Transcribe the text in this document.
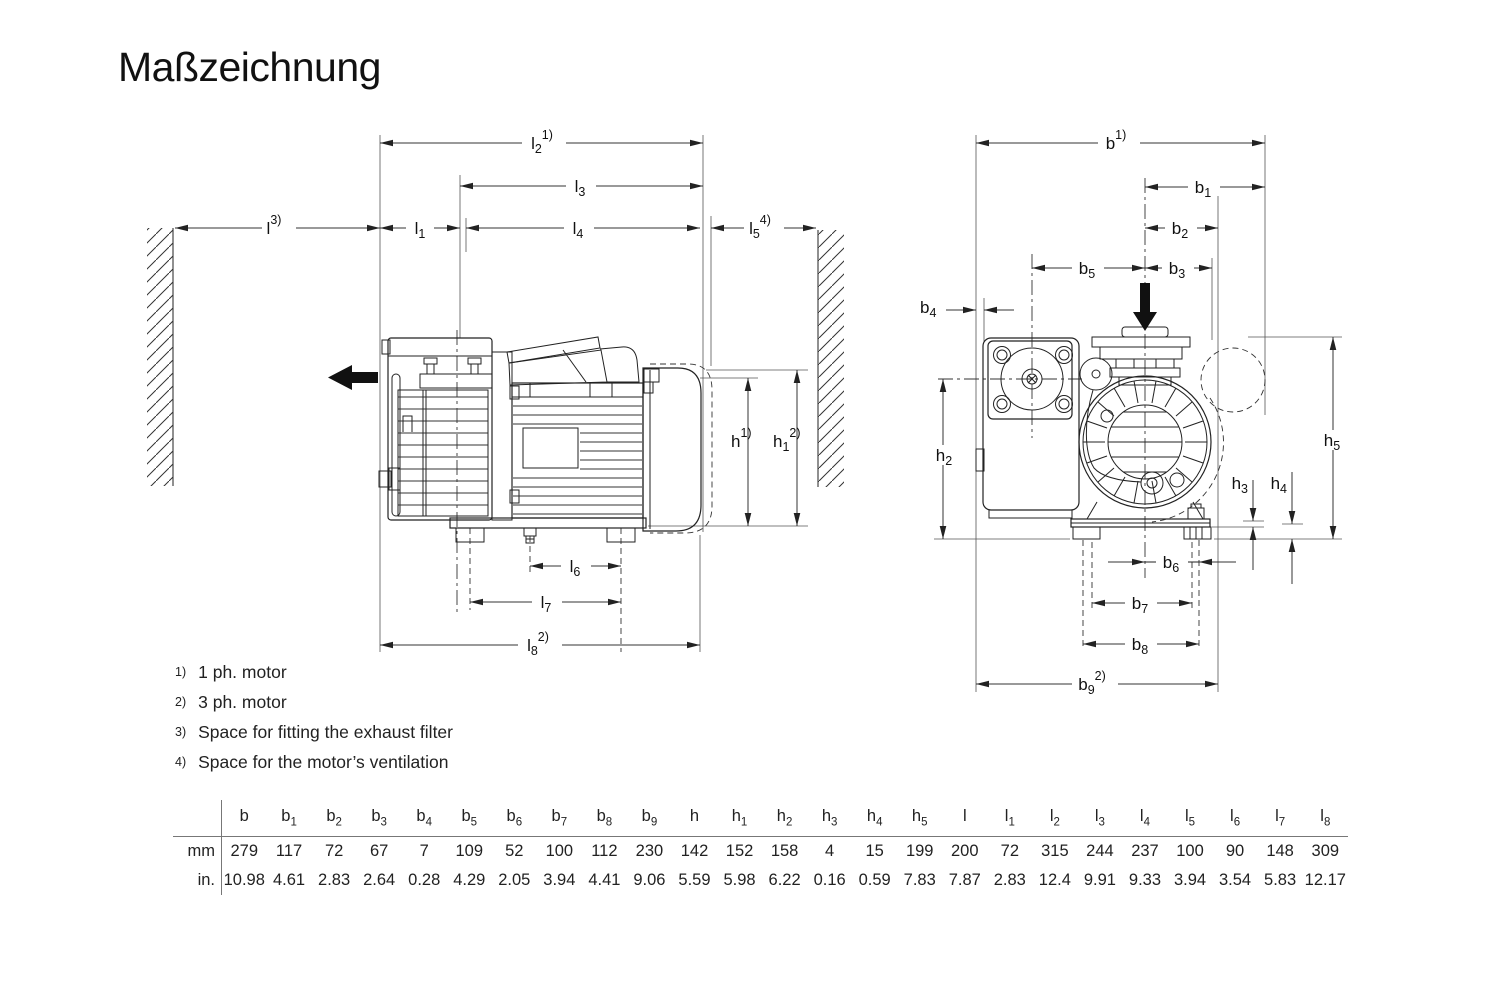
Maßzeichnung
$l_2^{1)}$
$l_3$
$l^{3)}$	$l_1$	$l_4$	$l_5^{4)}$
$l_6$
$l_7$
$l_8^{2)}$
$h^{1)}$ $h_1^{2)}$
$b^{1)}$
$b_1$
$b_2$
$b_5$	$b_3$
$b_4$
$b_6$
$b_7$
$b_8$
$b_9^{2)}$
$h_2$
$h_5$
$h_3$ $h_4$
$^{1)}$ 1 ph. motor
$^{2)}$ 3 ph. motor
$^{3)}$ Space for fitting the exhaust filter
$^{4)}$ Space for the motor’s ventilation
	b	$b_1$	$b_2$	$b_3$	$b_4$	$b_5$	$b_6$	$b_7$	$b_8$	$b_9$	h	$h_1$	$h_2$	$h_3$	$h_4$	$h_5$	l	$l_1$	$l_2$	$l_3$	$l_4$	$l_5$	$l_6$	$l_7$	$l_8$
mm	279	117	72	67	7	109	52	100	112	230	142	152	158	4	15	199	200	72	315	244	237	100	90	148	309
in.	10.98	4.61	2.83	2.64	0.28	4.29	2.05	3.94	4.41	9.06	5.59	5.98	6.22	0.16	0.59	7.83	7.87	2.83	12.4	9.91	9.33	3.94	3.54	5.83	12.17
